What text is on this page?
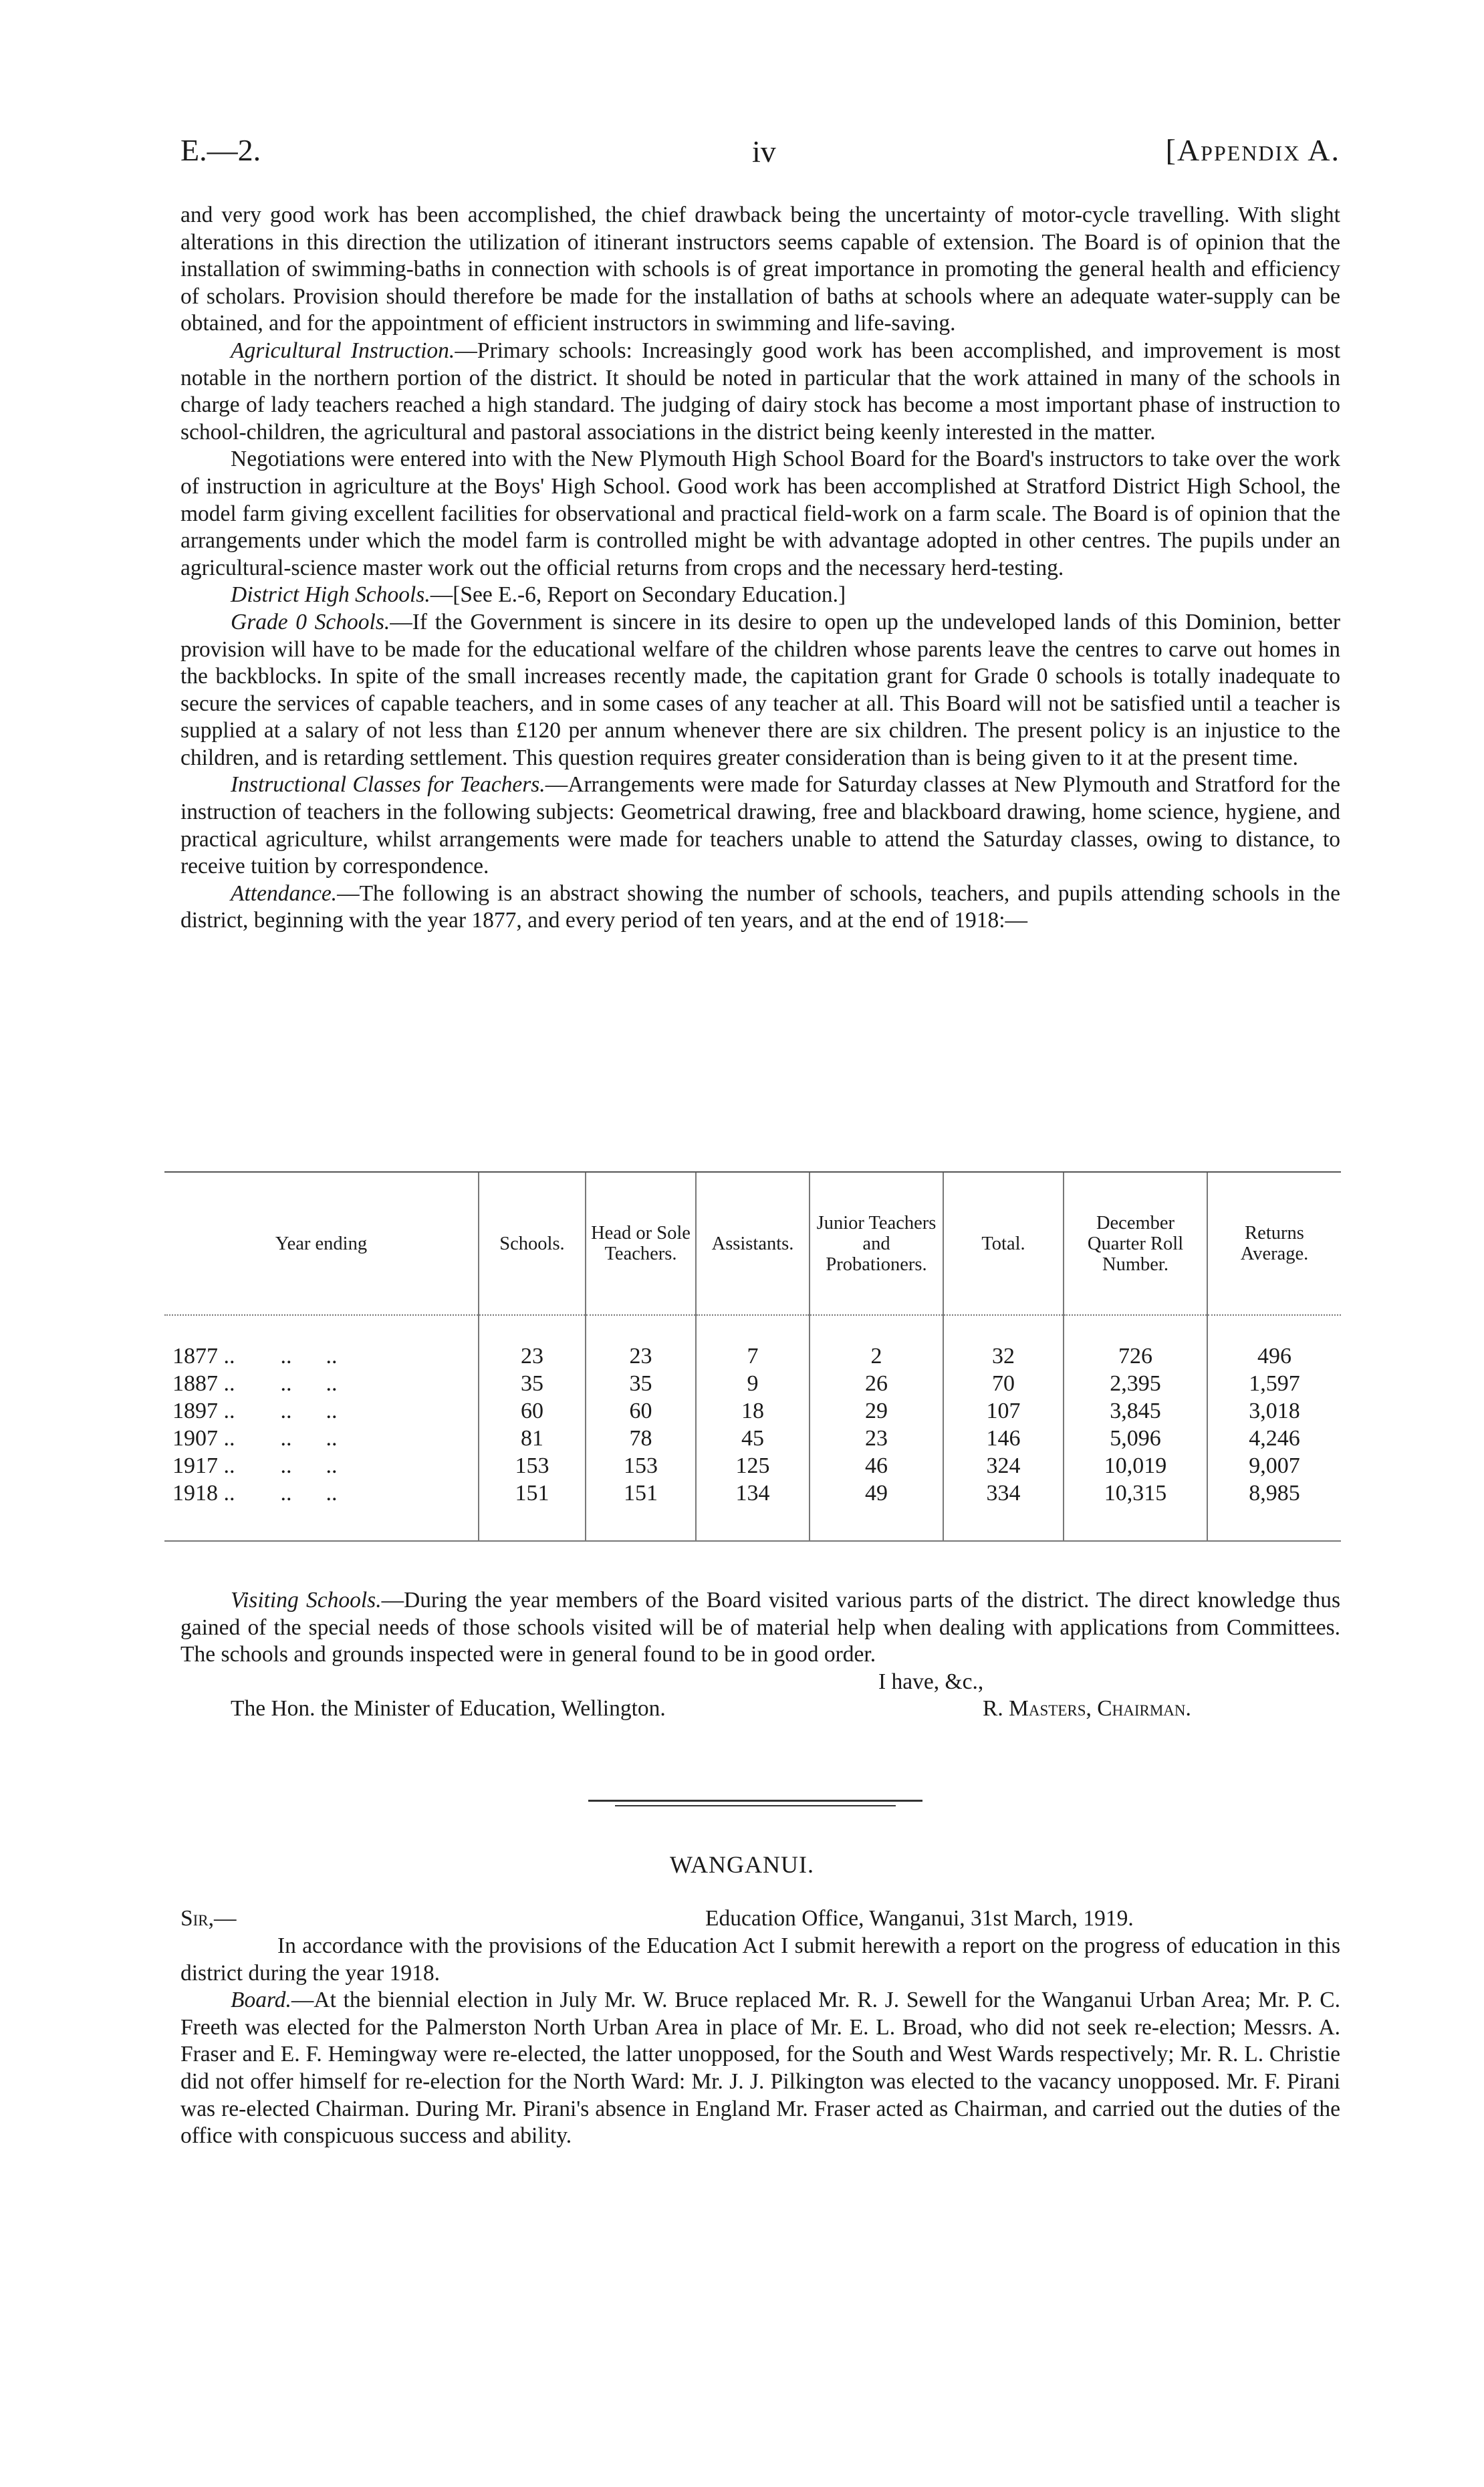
E.—2.	iv	[Appendix A.

and very good work has been accomplished, the chief drawback being the uncertainty of motor-cycle travelling. With slight alterations in this direction the utilization of itinerant instructors seems capable of extension. The Board is of opinion that the installation of swimming-baths in connection with schools is of great importance in promoting the general health and efficiency of scholars. Provision should therefore be made for the installation of baths at schools where an adequate water-supply can be obtained, and for the appointment of efficient instructors in swimming and life-saving.

Agricultural Instruction.—Primary schools: Increasingly good work has been accomplished, and improvement is most notable in the northern portion of the district. It should be noted in particular that the work attained in many of the schools in charge of lady teachers reached a high standard. The judging of dairy stock has become a most important phase of instruction to school-children, the agricultural and pastoral associations in the district being keenly interested in the matter.

Negotiations were entered into with the New Plymouth High School Board for the Board's instructors to take over the work of instruction in agriculture at the Boys' High School. Good work has been accomplished at Stratford District High School, the model farm giving excellent facilities for observational and practical field-work on a farm scale. The Board is of opinion that the arrangements under which the model farm is controlled might be with advantage adopted in other centres. The pupils under an agricultural-science master work out the official returns from crops and the necessary herd-testing.

District High Schools.—[See E.-6, Report on Secondary Education.]

Grade 0 Schools.—If the Government is sincere in its desire to open up the undeveloped lands of this Dominion, better provision will have to be made for the educational welfare of the children whose parents leave the centres to carve out homes in the backblocks. In spite of the small increases recently made, the capitation grant for Grade 0 schools is totally inadequate to secure the services of capable teachers, and in some cases of any teacher at all. This Board will not be satisfied until a teacher is supplied at a salary of not less than £120 per annum whenever there are six children. The present policy is an injustice to the children, and is retarding settlement. This question requires greater consideration than is being given to it at the present time.

Instructional Classes for Teachers.—Arrangements were made for Saturday classes at New Plymouth and Stratford for the instruction of teachers in the following subjects: Geometrical drawing, free and blackboard drawing, home science, hygiene, and practical agriculture, whilst arrangements were made for teachers unable to attend the Saturday classes, owing to distance, to receive tuition by correspondence.

Attendance.—The following is an abstract showing the number of schools, teachers, and pupils attending schools in the district, beginning with the year 1877, and every period of ten years, and at the end of 1918:—

Year ending	Schools.	Head or Sole Teachers.	Assistants.	Junior Teachers and Probationers.	Total.	December Quarter Roll Number.	Returns Average.

1877 ..        ..      ..	23	23	7	2	32	726	496
1887 ..        ..      ..	35	35	9	26	70	2,395	1,597
1897 ..        ..      ..	60	60	18	29	107	3,845	3,018
1907 ..        ..      ..	81	78	45	23	146	5,096	4,246
1917 ..        ..      ..	153	153	125	46	324	10,019	9,007
1918 ..        ..      ..	151	151	134	49	334	10,315	8,985

Visiting Schools.—During the year members of the Board visited various parts of the district. The direct knowledge thus gained of the special needs of those schools visited will be of material help when dealing with applications from Committees. The schools and grounds inspected were in general found to be in good order.

I have, &c.,
The Hon. the Minister of Education, Wellington.	R. Masters, Chairman.
WANGANUI.
Sir,—	Education Office, Wanganui, 31st March, 1919.

In accordance with the provisions of the Education Act I submit herewith a report on the progress of education in this district during the year 1918.

Board.—At the biennial election in July Mr. W. Bruce replaced Mr. R. J. Sewell for the Wanganui Urban Area; Mr. P. C. Freeth was elected for the Palmerston North Urban Area in place of Mr. E. L. Broad, who did not seek re-election; Messrs. A. Fraser and E. F. Hemingway were re-elected, the latter unopposed, for the South and West Wards respectively; Mr. R. L. Christie did not offer himself for re-election for the North Ward: Mr. J. J. Pilkington was elected to the vacancy unopposed. Mr. F. Pirani was re-elected Chairman. During Mr. Pirani's absence in England Mr. Fraser acted as Chairman, and carried out the duties of the office with conspicuous success and ability.
